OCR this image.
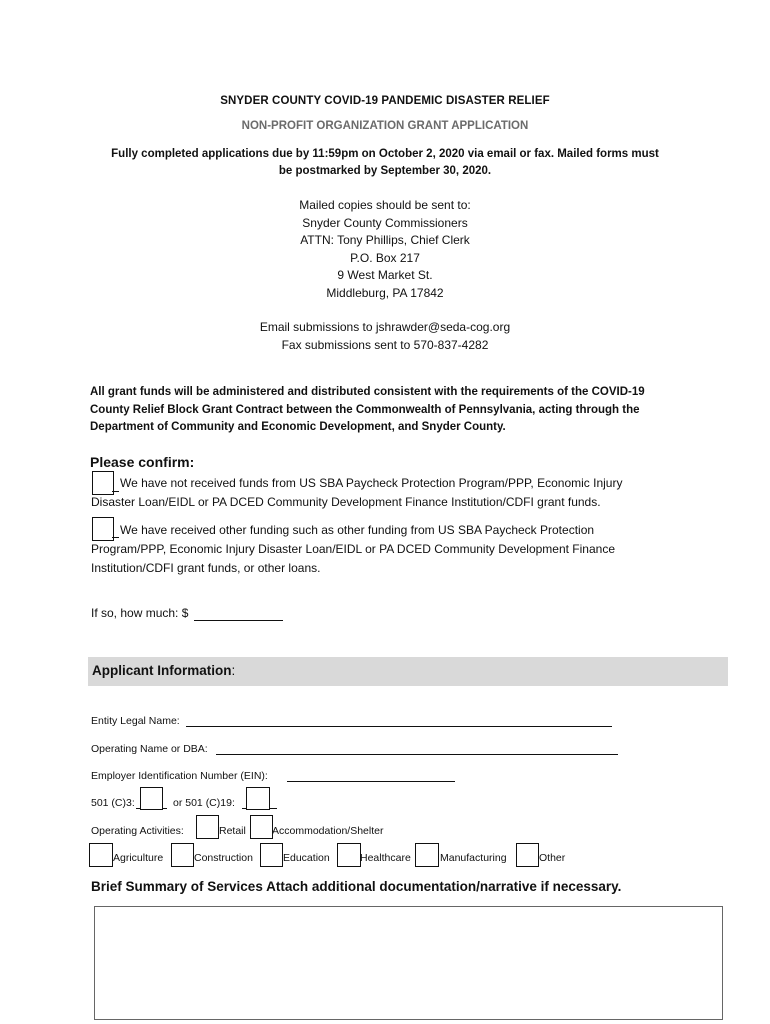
SNYDER COUNTY COVID-19 PANDEMIC DISASTER RELIEF
NON-PROFIT ORGANIZATION GRANT APPLICATION
Fully completed applications due by 11:59pm on October 2, 2020 via email or fax. Mailed forms must
be postmarked by September 30, 2020.
Mailed copies should be sent to:
Snyder County Commissioners
ATTN: Tony Phillips, Chief Clerk
P.O. Box 217
9 West Market St.
Middleburg, PA 17842
Email submissions to jshrawder@seda-cog.org
Fax submissions sent to 570-837-4282
All grant funds will be administered and distributed consistent with the requirements of the COVID-19
County Relief Block Grant Contract between the Commonwealth of Pennsylvania, acting through the
Department of Community and Economic Development, and Snyder County.
Please confirm:
We have not received funds from US SBA Paycheck Protection Program/PPP, Economic Injury
Disaster Loan/EIDL or PA DCED Community Development Finance Institution/CDFI grant funds.
We have received other funding such as other funding from US SBA Paycheck Protection
Program/PPP, Economic Injury Disaster Loan/EIDL or PA DCED Community Development Finance
Institution/CDFI grant funds, or other loans.
If so, how much: $
Applicant Information:
Entity Legal Name:
Operating Name or DBA:
Employer Identification Number (EIN):
501 (C)3:	or 501 (C)19:
Operating Activities:	Retail Accommodation/Shelter
Agriculture	Construction	Education	Healthcare	Manufacturing	Other
Brief Summary of Services Attach additional documentation/narrative if necessary.
